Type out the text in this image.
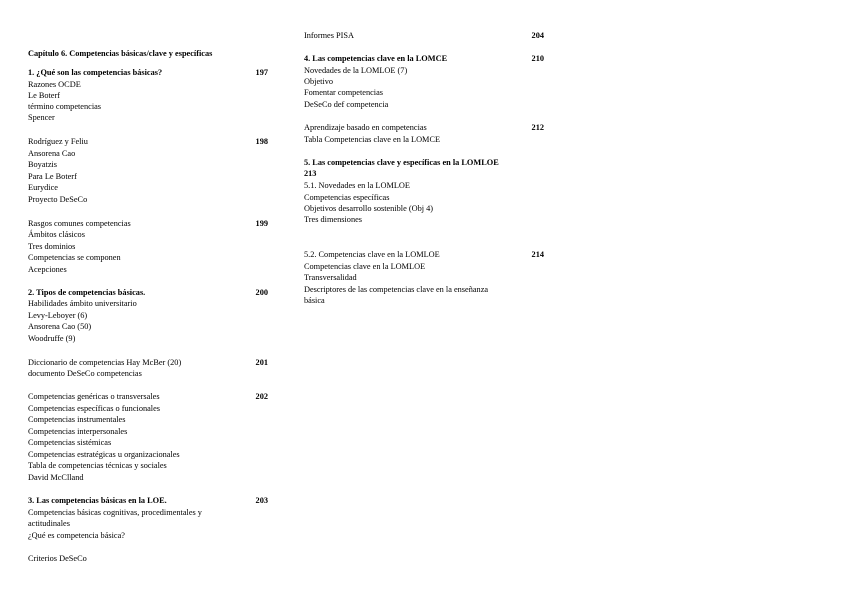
Capítulo 6. Competencias básicas/clave y específicas
1. ¿Qué son las competencias básicas?	197
Razones OCDE
Le Boterf
término competencias
Spencer
Rodríguez y Feliu	198
Ansorena Cao
Boyatzis
Para Le Boterf
Eurydice
Proyecto DeSeCo
Rasgos comunes competencias	199
Ámbitos clásicos
Tres dominios
Competencias se componen
Acepciones
2. Tipos de competencias básicas.	200
Habilidades ámbito universitario
Levy-Leboyer (6)
Ansorena Cao (50)
Woodruffe (9)
Diccionario de competencias Hay McBer (20)	201
documento DeSeCo competencias
Competencias genéricas o transversales	202
Competencias específicas o funcionales
Competencias instrumentales
Competencias interpersonales
Competencias sistémicas
Competencias estratégicas u organizacionales
Tabla de competencias técnicas y sociales
David McClland
3. Las competencias básicas en la LOE.	203
Competencias básicas cognitivas, procedimentales y
actitudinales
¿Qué es competencia básica?
Criterios DeSeCo
Informes PISA	204
4. Las competencias clave en la LOMCE	210
Novedades de la LOMLOE (7)
Objetivo
Fomentar competencias
DeSeCo def competencia
Aprendizaje basado en competencias	212
Tabla Competencias clave en la LOMCE
5. Las competencias clave y específicas en la LOMLOE
213
5.1. Novedades en la LOMLOE
Competencias específicas
Objetivos desarrollo sostenible (Obj 4)
Tres dimensiones
5.2. Competencias clave en la LOMLOE	214
Competencias clave en la LOMLOE
Transversalidad
Descriptores de las competencias clave en la enseñanza
básica
